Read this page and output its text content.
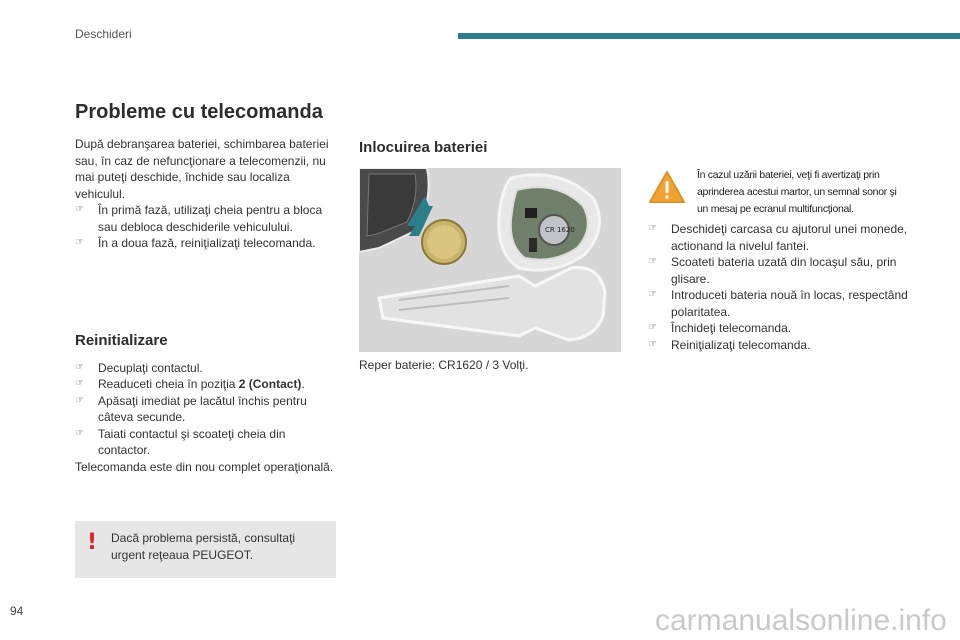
Deschideri
Probleme cu telecomanda
După debranşarea bateriei, schimbarea bateriei sau, în caz de nefuncţionare a telecomenzii, nu mai puteţi deschide, închide sau localiza vehiculul.
☞ În primă fază, utilizaţi cheia pentru a bloca sau debloca deschiderile vehiculului.
☞ În a doua fază, reiniţializaţi telecomanda.
Reinitializare
☞ Decuplaţi contactul.
☞ Readuceti cheia în poziţia 2 (Contact).
☞ Apăsaţi imediat pe lacătul închis pentru câteva secunde.
☞ Taiati contactul şi scoateţi cheia din contactor.
Telecomanda este din nou complet operaţională.
! Dacă problema persistă, consultaţi urgent reţeaua PEUGEOT.
Inlocuirea bateriei
CR 1620
Reper baterie: CR1620 / 3 Volţi.
În cazul uzării bateriei, veţi fi avertizaţi prin aprinderea acestui martor, un semnal sonor şi un mesaj pe ecranul multifuncţional.
☞ Deschideţi carcasa cu ajutorul unei monede, actionand la nivelul fantei.
☞ Scoateti bateria uzată din locaşul său, prin glisare.
☞ Introduceti bateria nouă în locas, respectând polaritatea.
☞ Închideţi telecomanda.
☞ Reiniţializaţi telecomanda.
94	carmanualsonline.info
